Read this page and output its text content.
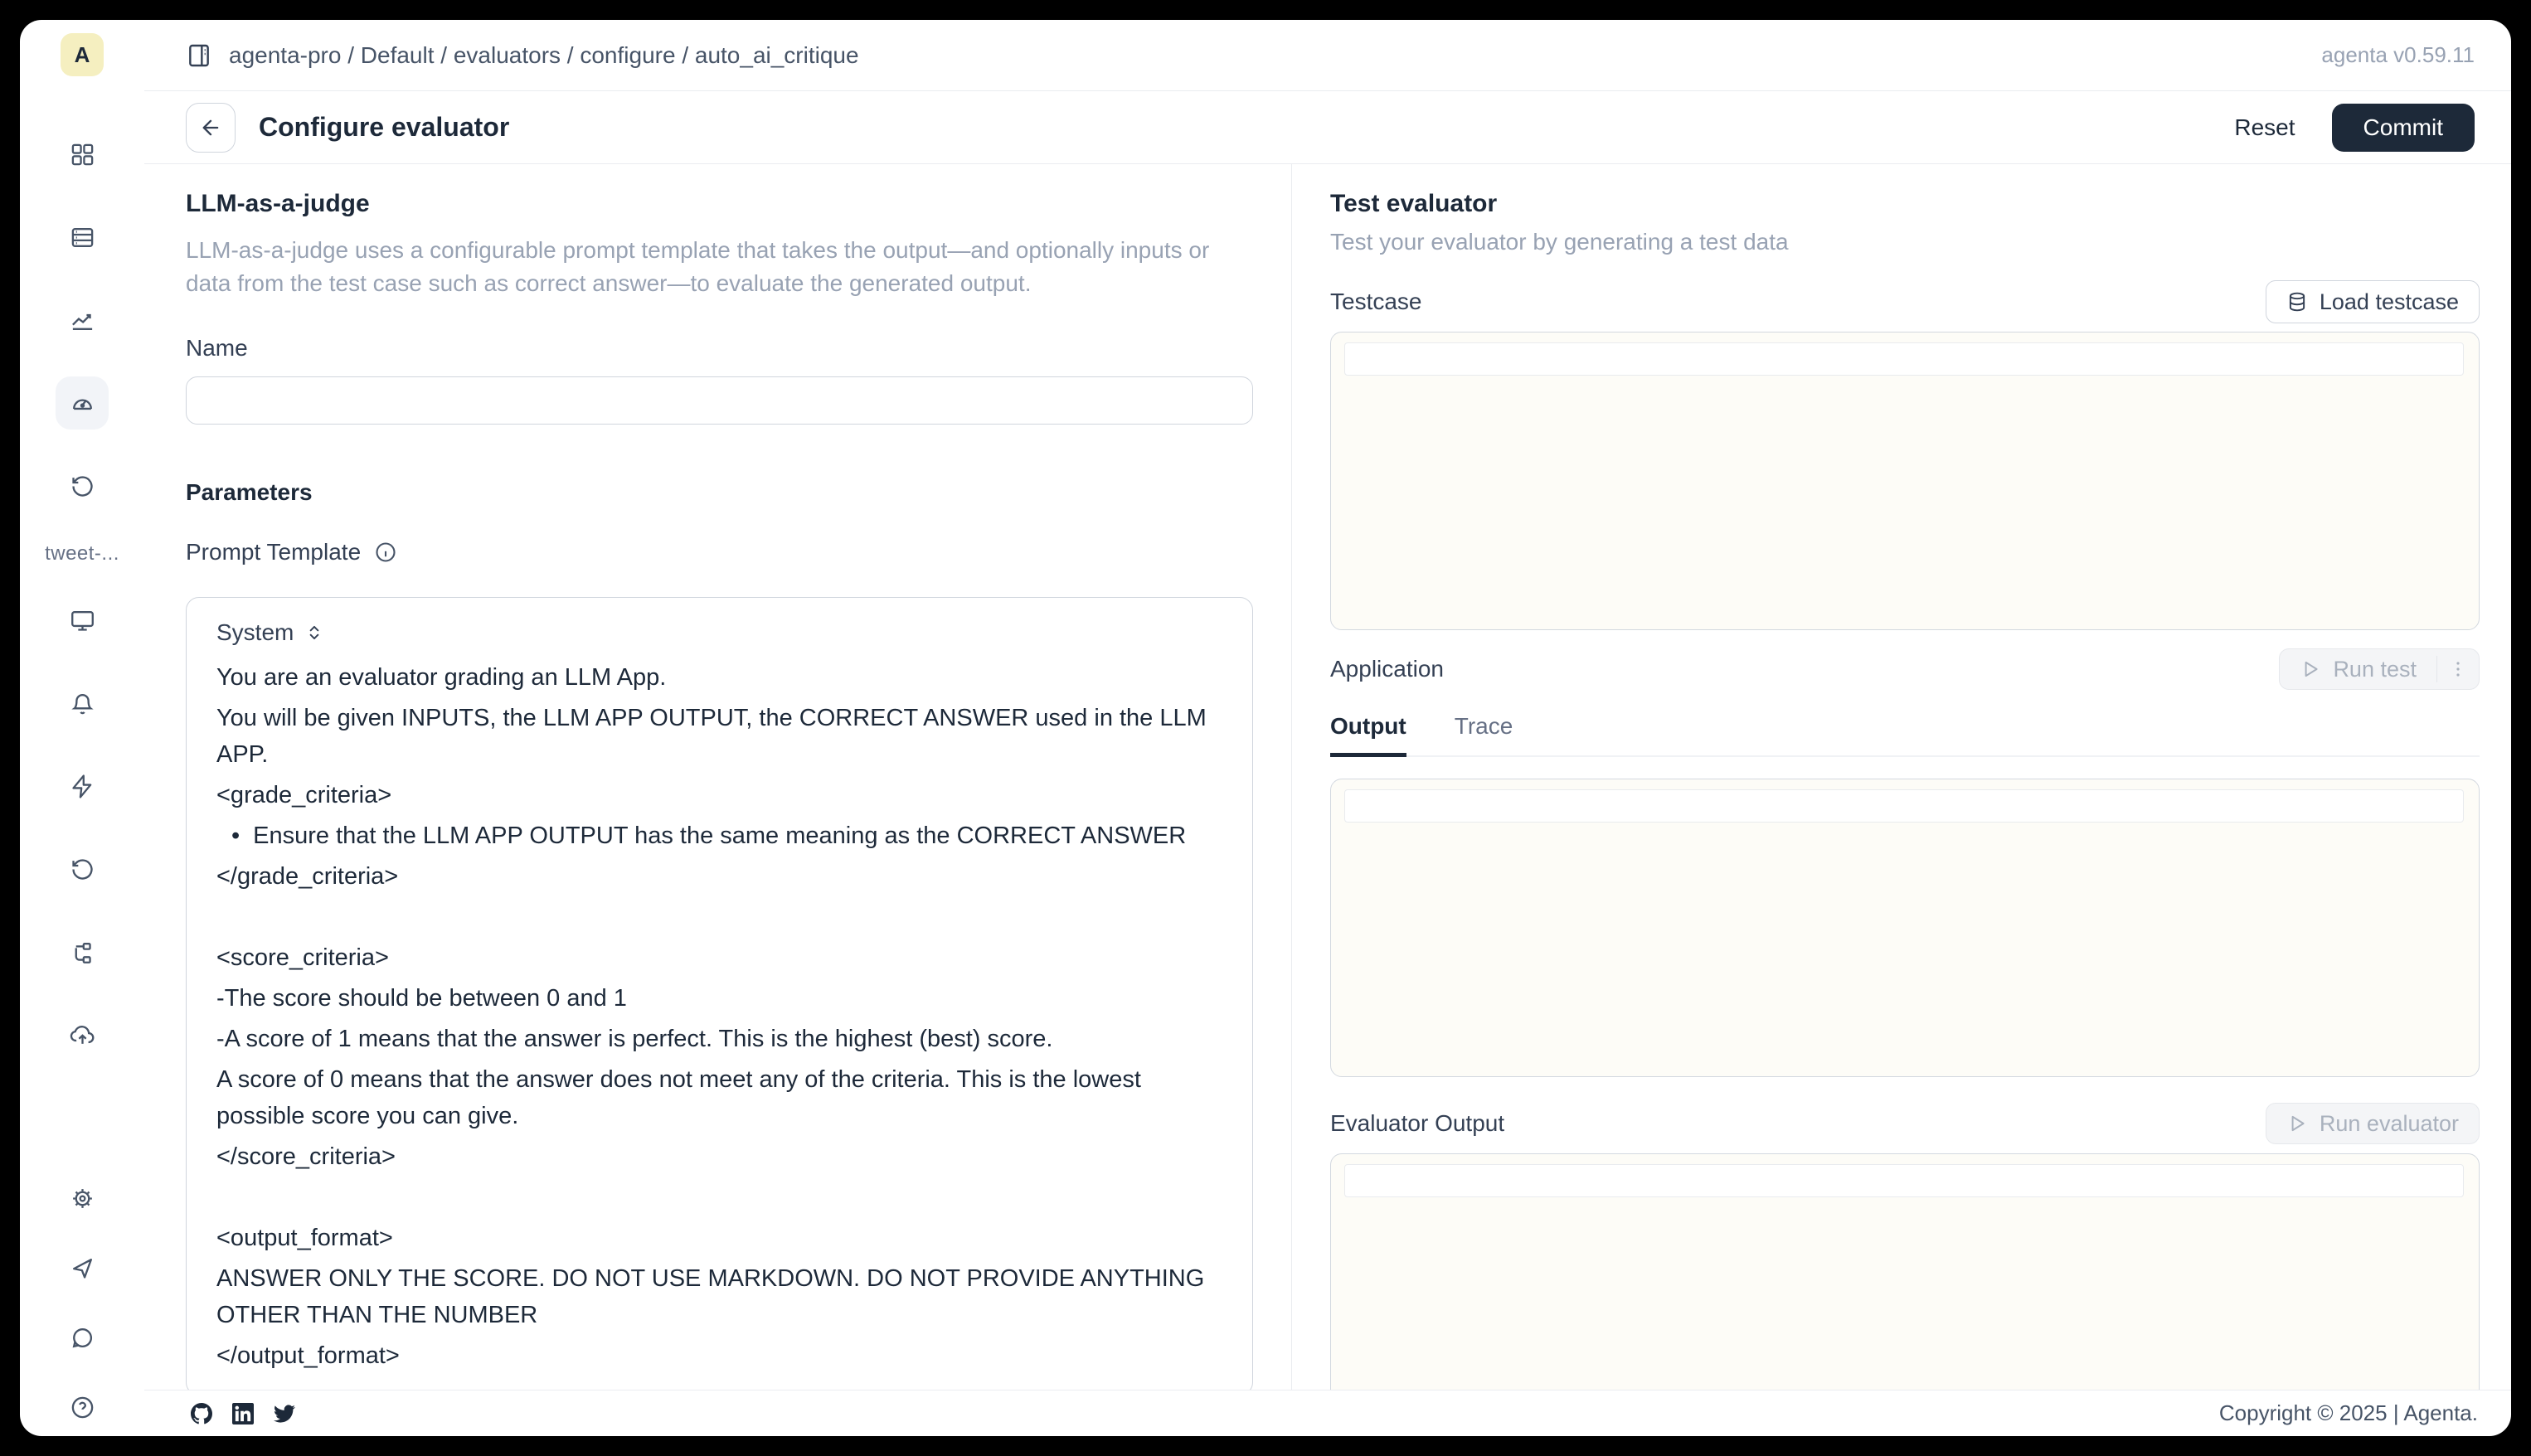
A
tweet-...
agenta-pro / Default / evaluators / configure / auto_ai_critique	agenta v0.59.11
Configure evaluator	Reset	Commit
LLM-as-a-judge
LLM-as-a-judge uses a configurable prompt template that takes the output—and optionally inputs or data from the test case such as correct answer—to evaluate the generated output.
Name
Parameters
Prompt Template
System
You are an evaluator grading an LLM App.
You will be given INPUTS, the LLM APP OUTPUT, the CORRECT ANSWER used in the LLM APP.
<grade_criteria>
• Ensure that the LLM APP OUTPUT has the same meaning as the CORRECT ANSWER
</grade_criteria>

<score_criteria>
-The score should be between 0 and 1
-A score of 1 means that the answer is perfect. This is the highest (best) score.
A score of 0 means that the answer does not meet any of the criteria. This is the lowest possible score you can give.
</score_criteria>

<output_format>
ANSWER ONLY THE SCORE. DO NOT USE MARKDOWN. DO NOT PROVIDE ANYTHING OTHER THAN THE NUMBER
</output_format>
Test evaluator
Test your evaluator by generating a test data
Testcase	Load testcase
Application	Run test
Output Trace
Evaluator Output	Run evaluator
Copyright © 2025 | Agenta.
